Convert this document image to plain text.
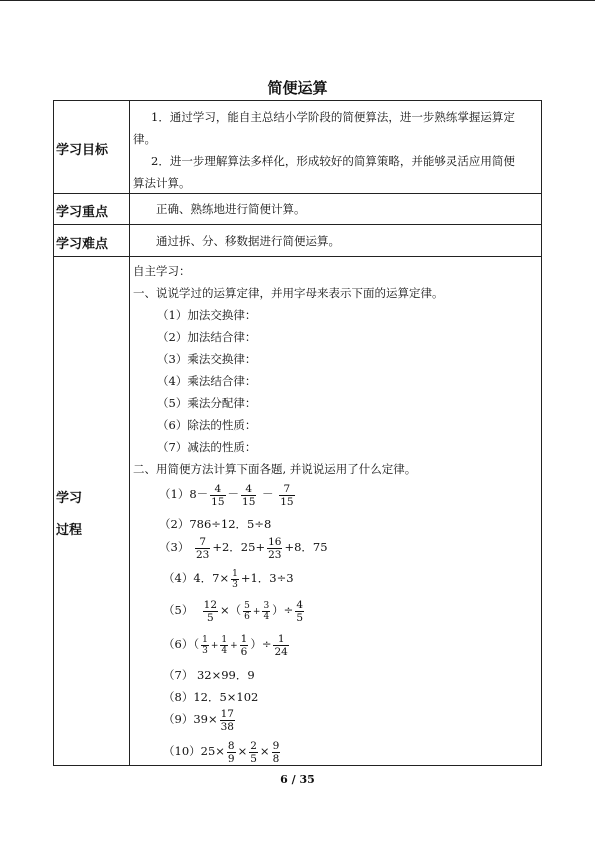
简便运算
学习目标
1．通过学习，能自主总结小学阶段的简便算法，进一步熟练掌握运算定
律。
2．进一步理解算法多样化，形成较好的简算策略，并能够灵活应用简便
算法计算。
学习重点	正确、熟练地进行简便计算。
学习难点	通过拆、分、移数据进行简便运算。
学习
过程
自主学习：
一、说说学过的运算定律，并用字母来表示下面的运算定律。
（1）加法交换律：
（2）加法结合律：
（3）乘法交换律：
（4）乘法结合律：
（5）乘法分配律：
（6）除法的性质：
（7）减法的性质：
二、用简便方法计算下面各题, 并说说运用了什么定律。
$(1)8- \frac{4}{15} - \frac{4}{15} - \frac{7}{15}$
（2）786÷12．5÷8
$(3) \frac{7}{23} +2$．$25+ \frac{16}{23} +8$．75
（4）4．$7\times \frac{1}{3} +1$．3÷3
$(5) \frac{12}{5}$ ×（ $\frac{5}{6} + \frac{3}{4}$ ）÷ $\frac{4}{5}$
$(6)( \frac{1}{3} + \frac{1}{4} + \frac{1}{6}$ ）÷ $\frac{1}{24}$
（7） 32×99．9
（8）12．5×102
$(9)39\times \frac{17}{38}$
$(10)25\times \frac{8}{9} \times \frac{2}{5} \times \frac{9}{8}$
6 / 35
